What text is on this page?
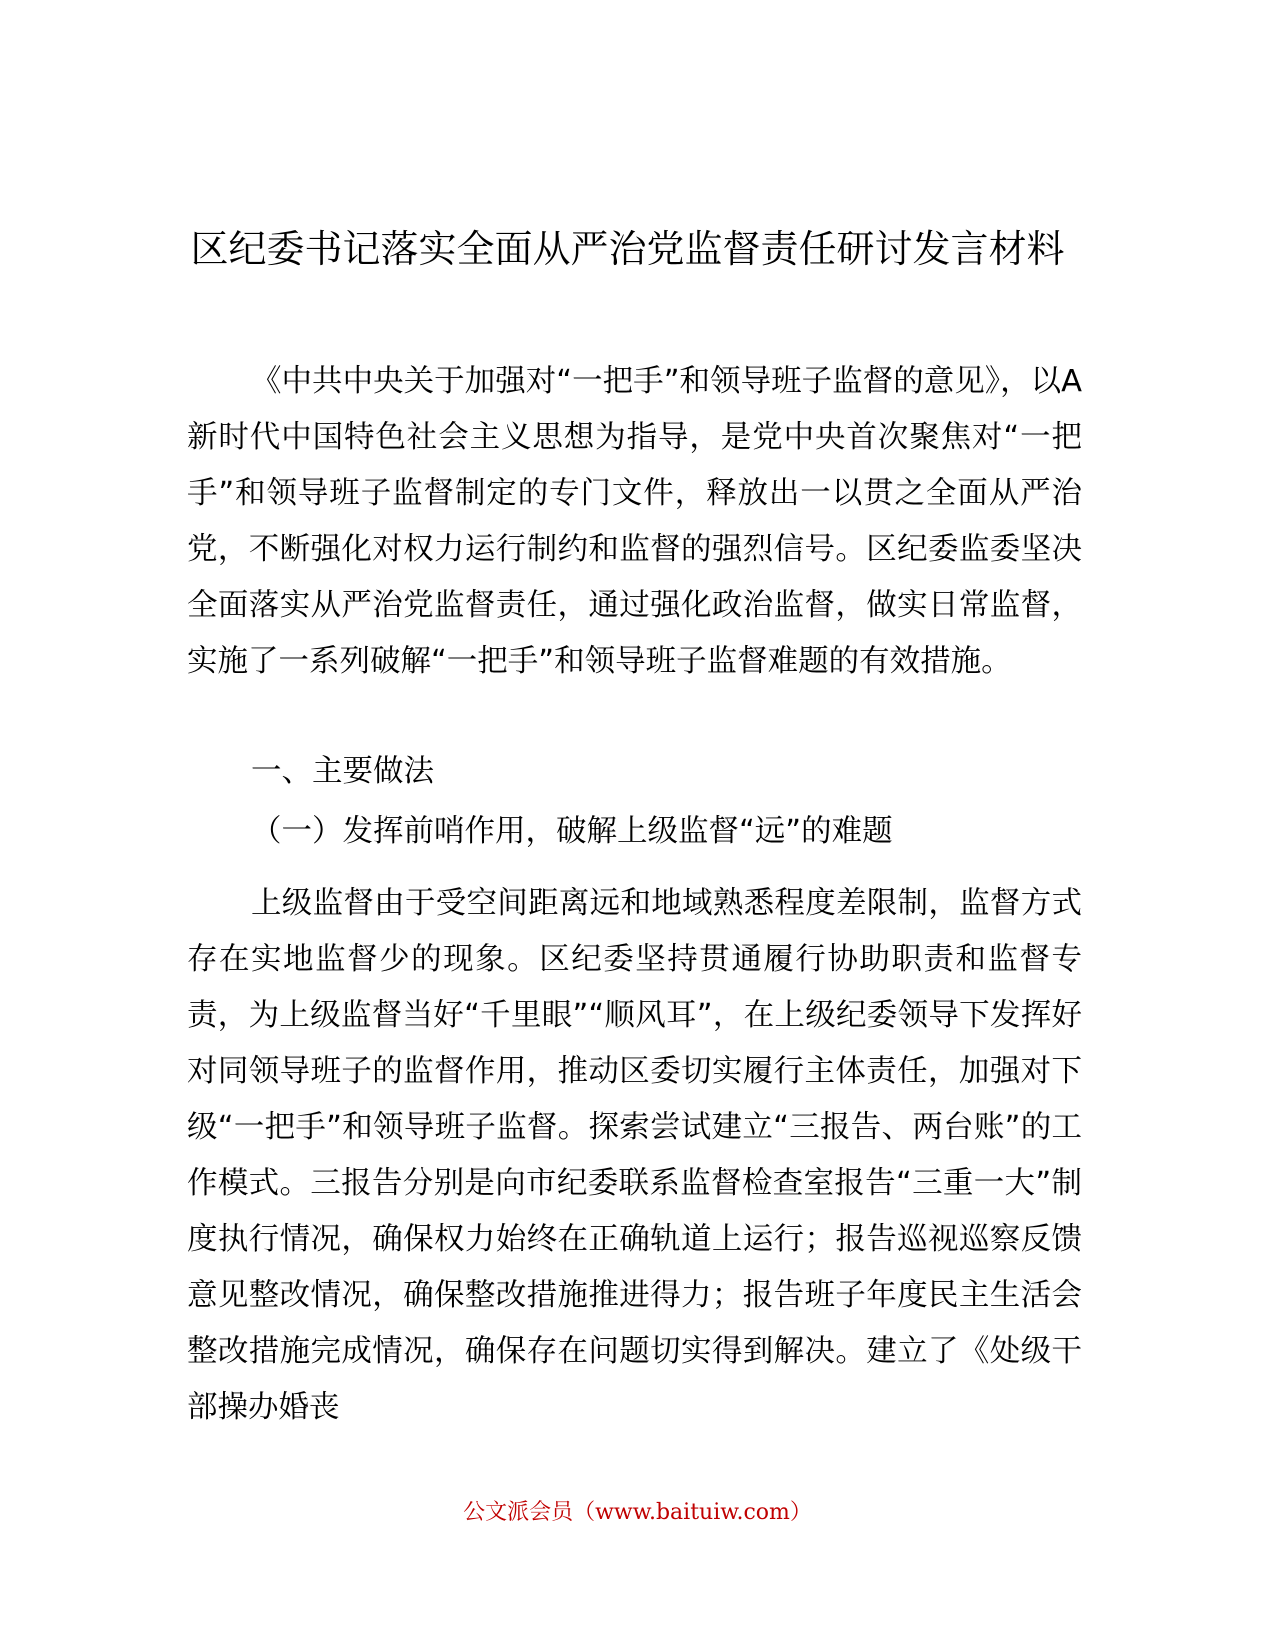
区纪委书记落实全面从严治党监督责任研讨发言材料

《中共中央关于加强对“一把手”和领导班子监督的意见》，以A新时代中国特色社会主义思想为指导，是党中央首次聚焦对“一把手”和领导班子监督制定的专门文件，释放出一以贯之全面从严治党，不断强化对权力运行制约和监督的强烈信号。区纪委监委坚决全面落实从严治党监督责任，通过强化政治监督，做实日常监督，实施了一系列破解“一把手”和领导班子监督难题的有效措施。

一、主要做法

（一）发挥前哨作用，破解上级监督“远”的难题

上级监督由于受空间距离远和地域熟悉程度差限制，监督方式存在实地监督少的现象。区纪委坚持贯通履行协助职责和监督专责，为上级监督当好“千里眼”“顺风耳”，在上级纪委领导下发挥好对同领导班子的监督作用，推动区委切实履行主体责任，加强对下级“一把手”和领导班子监督。探索尝试建立“三报告、两台账”的工作模式。三报告分别是向市纪委联系监督检查室报告“三重一大”制度执行情况，确保权力始终在正确轨道上运行；报告巡视巡察反馈意见整改情况，确保整改措施推进得力；报告班子年度民主生活会整改措施完成情况，确保存在问题切实得到解决。建立了《处级干部操办婚丧

公文派会员（www.baituiw.com）
